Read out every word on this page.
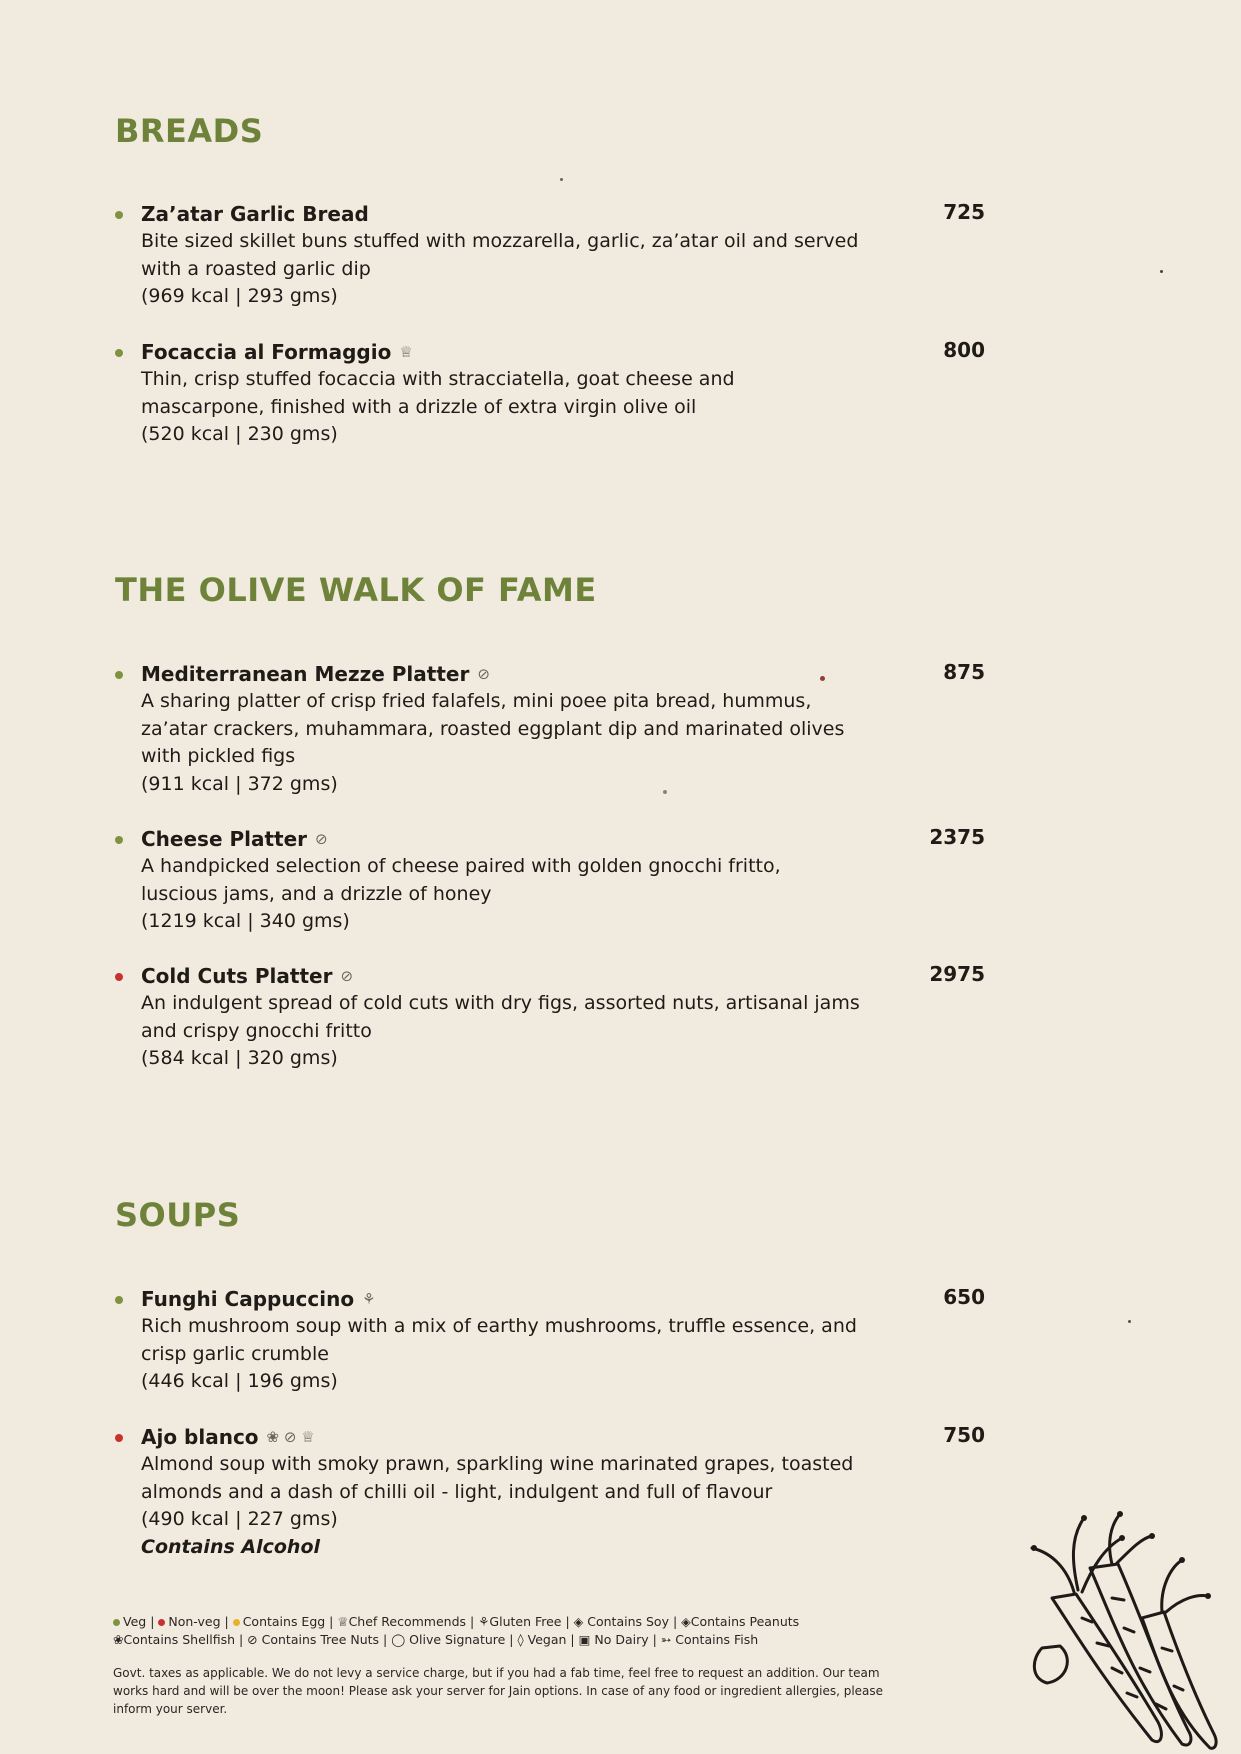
BREADS
Za’atar Garlic Bread	725
Bite sized skillet buns stuffed with mozzarella, garlic, za’atar oil and served with a roasted garlic dip
(969 kcal | 293 gms)
Focaccia al Formaggio ♕	800
Thin, crisp stuffed focaccia with stracciatella, goat cheese and mascarpone, finished with a drizzle of extra virgin olive oil
(520 kcal | 230 gms)
THE OLIVE WALK OF FAME
Mediterranean Mezze Platter ⊘	875
A sharing platter of crisp fried falafels, mini poee pita bread, hummus, za’atar crackers, muhammara, roasted eggplant dip and marinated olives with pickled figs
(911 kcal | 372 gms)
Cheese Platter ⊘	2375
A handpicked selection of cheese paired with golden gnocchi fritto, luscious jams, and a drizzle of honey
(1219 kcal | 340 gms)
Cold Cuts Platter ⊘	2975
An indulgent spread of cold cuts with dry figs, assorted nuts, artisanal jams and crispy gnocchi fritto
(584 kcal | 320 gms)
SOUPS
Funghi Cappuccino ⚘	650
Rich mushroom soup with a mix of earthy mushrooms, truffle essence, and crisp garlic crumble
(446 kcal | 196 gms)
Ajo blanco ❀ ⊘ ♕	750
Almond soup with smoky prawn, sparkling wine marinated grapes, toasted almonds and a dash of chilli oil - light, indulgent and full of flavour
(490 kcal | 227 gms)
Contains Alcohol
Veg | Non-veg | Contains Egg | ♕Chef Recommends | ⚘Gluten Free | ◈ Contains Soy | ◈Contains Peanuts
❀Contains Shellfish | ⊘ Contains Tree Nuts | ◯ Olive Signature | ◊ Vegan | ▣ No Dairy | ➳ Contains Fish
Govt. taxes as applicable. We do not levy a service charge, but if you had a fab time, feel free to request an addition. Our team works hard and will be over the moon! Please ask your server for Jain options. In case of any food or ingredient allergies, please inform your server.
